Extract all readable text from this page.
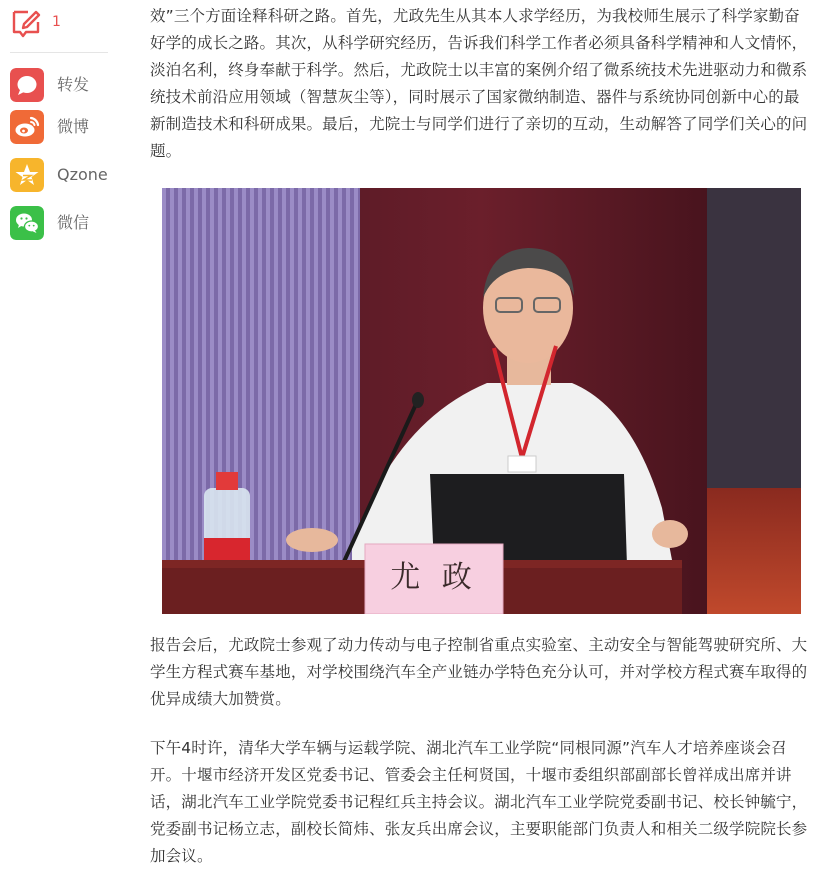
1
转发
微博
Qzone
微信

效”三个方面诠释科研之路。首先，尤政先生从其本人求学经历，为我校师生展示了科学家勤奋好学的成长之路。其次，从科学研究经历，告诉我们科学工作者必须具备科学精神和人文情怀，淡泊名利，终身奉献于科学。然后，尤政院士以丰富的案例介绍了微系统技术先进驱动力和微系统技术前沿应用领域（智慧灰尘等），同时展示了国家微纳制造、器件与系统协同创新中心的最新制造技术和科研成果。最后，尤院士与同学们进行了亲切的互动，生动解答了同学们关心的问题。

尤 政

报告会后，尤政院士参观了动力传动与电子控制省重点实验室、主动安全与智能驾驶研究所、大学生方程式赛车基地，对学校围绕汽车全产业链办学特色充分认可，并对学校方程式赛车取得的优异成绩大加赞赏。

下午4时许，清华大学车辆与运载学院、湖北汽车工业学院“同根同源”汽车人才培养座谈会召开。十堰市经济开发区党委书记、管委会主任柯贤国，十堰市委组织部副部长曾祥成出席并讲话，湖北汽车工业学院党委书记程红兵主持会议。湖北汽车工业学院党委副书记、校长钟毓宁，党委副书记杨立志，副校长简炜、张友兵出席会议，主要职能部门负责人和相关二级学院院长参加会议。
